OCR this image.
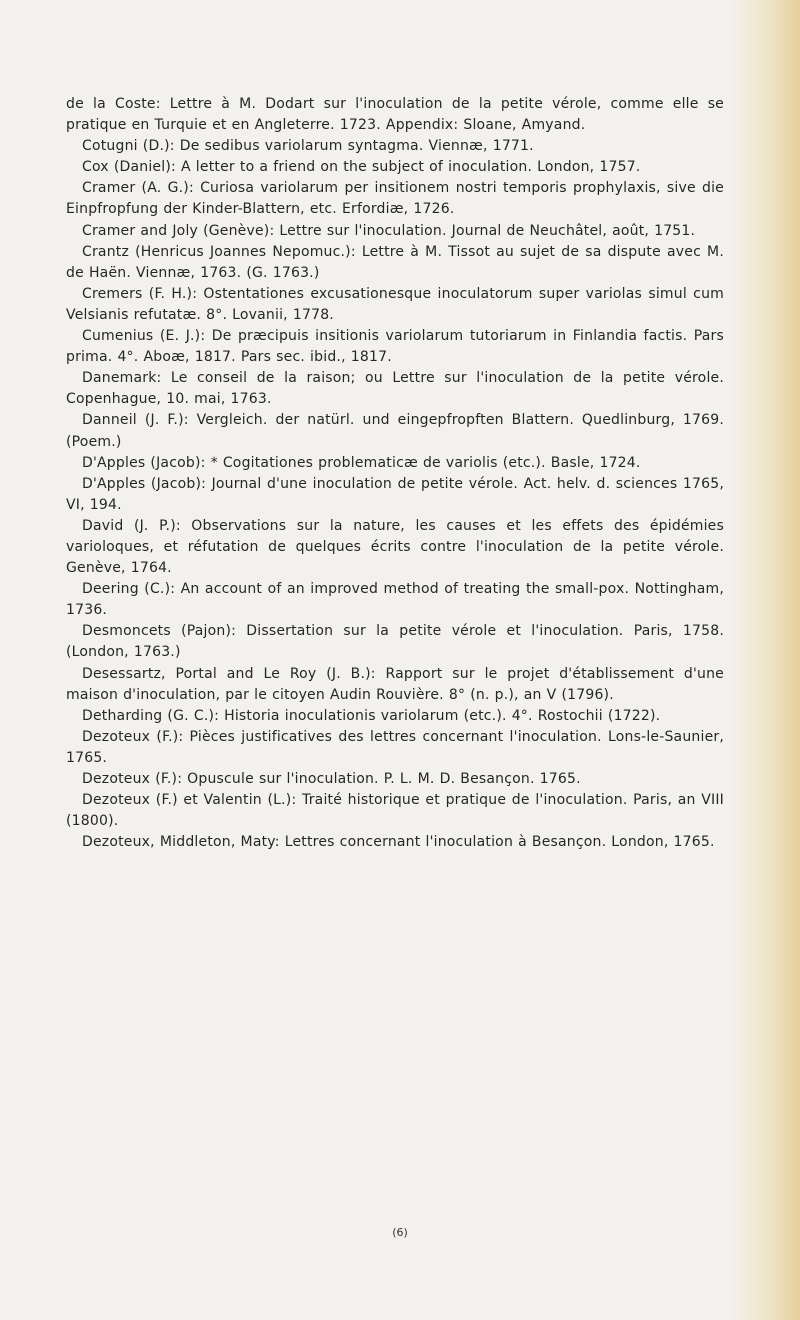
de la Coste: Lettre à M. Dodart sur l'inoculation de la petite vérole, comme elle se pratique en Turquie et en Angleterre. 1723. Appendix: Sloane, Amyand.

Cotugni (D.): De sedibus variolarum syntagma. Viennæ, 1771.

Cox (Daniel): A letter to a friend on the subject of inoculation. London, 1757.

Cramer (A. G.): Curiosa variolarum per insitionem nostri temporis prophylaxis, sive die Einpfropfung der Kinder-Blattern, etc. Erfordiæ, 1726.

Cramer and Joly (Genève): Lettre sur l'inoculation. Journal de Neuchâtel, août, 1751.

Crantz (Henricus Joannes Nepomuc.): Lettre à M. Tissot au sujet de sa dispute avec M. de Haën. Viennæ, 1763. (G. 1763.)

Cremers (F. H.): Ostentationes excusationesque inoculatorum super variolas simul cum Velsianis refutatæ. 8°. Lovanii, 1778.

Cumenius (E. J.): De præcipuis insitionis variolarum tutoriarum in Finlandia factis. Pars prima. 4°. Aboæ, 1817. Pars sec. ibid., 1817.

Danemark: Le conseil de la raison; ou Lettre sur l'inoculation de la petite vérole. Copenhague, 10. mai, 1763.

Danneil (J. F.): Vergleich. der natürl. und eingepfropften Blattern. Quedlinburg, 1769. (Poem.)

D'Apples (Jacob): * Cogitationes problematicæ de variolis (etc.). Basle, 1724.

D'Apples (Jacob): Journal d'une inoculation de petite vérole. Act. helv. d. sciences 1765, VI, 194.

David (J. P.): Observations sur la nature, les causes et les effets des épidémies varioloques, et réfutation de quelques écrits contre l'inoculation de la petite vérole. Genève, 1764.

Deering (C.): An account of an improved method of treating the small-pox. Nottingham, 1736.

Desmoncets (Pajon): Dissertation sur la petite vérole et l'inoculation. Paris, 1758. (London, 1763.)

Desessartz, Portal and Le Roy (J. B.): Rapport sur le projet d'établissement d'une maison d'inoculation, par le citoyen Audin Rouvière. 8° (n. p.), an V (1796).

Detharding (G. C.): Historia inoculationis variolarum (etc.). 4°. Rostochii (1722).

Dezoteux (F.): Pièces justificatives des lettres concernant l'inoculation. Lons-le-Saunier, 1765.

Dezoteux (F.): Opuscule sur l'inoculation. P. L. M. D. Besançon. 1765.

Dezoteux (F.) et Valentin (L.): Traité historique et pratique de l'inoculation. Paris, an VIII (1800).

Dezoteux, Middleton, Maty: Lettres concernant l'inoculation à Besançon. London, 1765.

(6)
